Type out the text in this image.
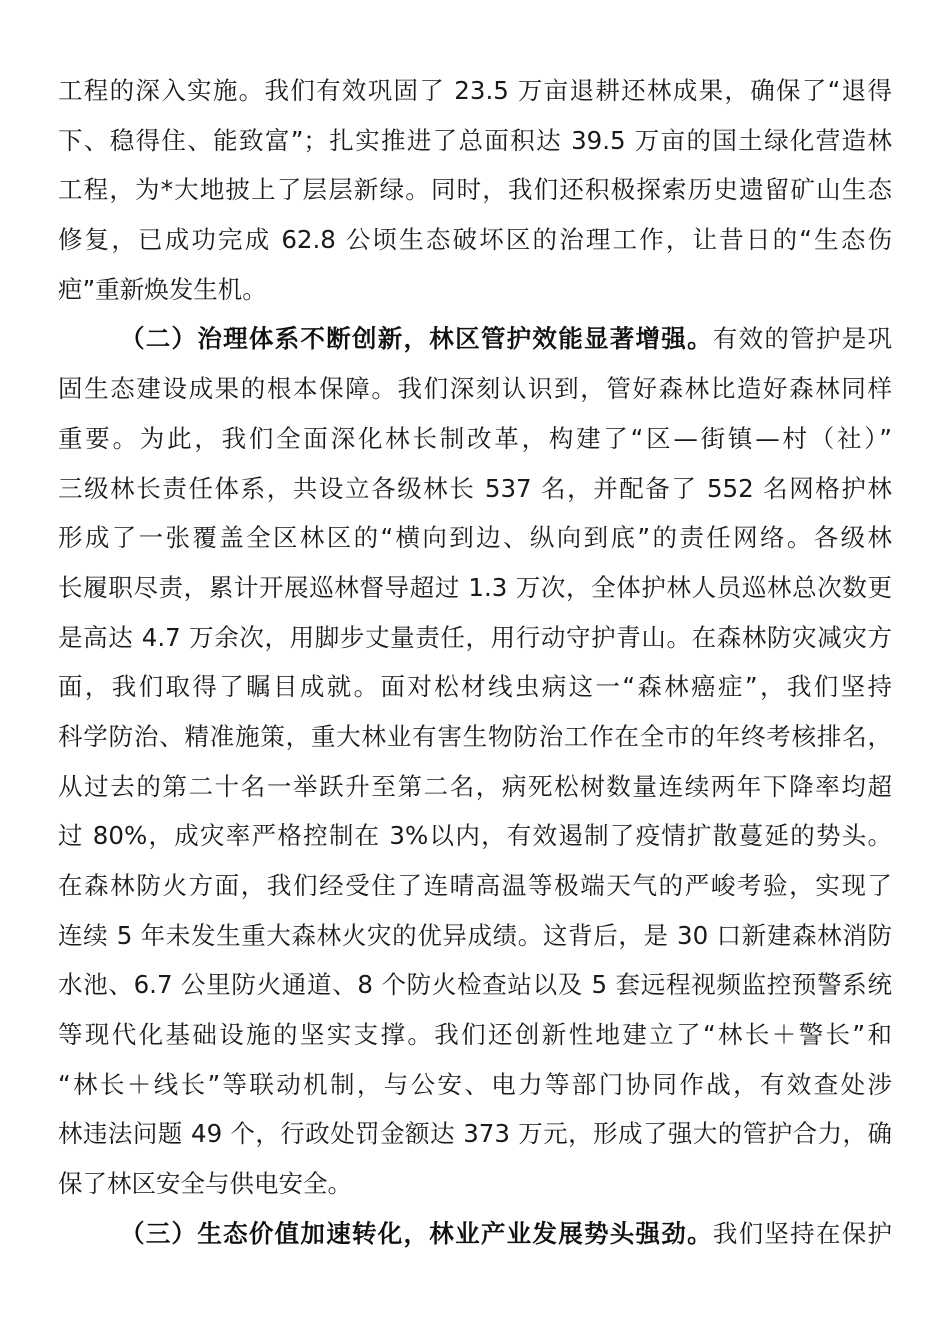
工程的深入实施。我们有效巩固了 23.5 万亩退耕还林成果，确保了“退得
下、稳得住、能致富”；扎实推进了总面积达 39.5 万亩的国土绿化营造林
工程，为*大地披上了层层新绿。同时，我们还积极探索历史遗留矿山生态
修复，已成功完成 62.8 公顷生态破坏区的治理工作，让昔日的“生态伤
疤”重新焕发生机。
（二）治理体系不断创新，林区管护效能显著增强。有效的管护是巩
固生态建设成果的根本保障。我们深刻认识到，管好森林比造好森林同样
重要。为此，我们全面深化林长制改革，构建了“区—街镇—村（社）”
三级林长责任体系，共设立各级林长 537 名，并配备了 552 名网格护林
形成了一张覆盖全区林区的“横向到边、纵向到底”的责任网络。各级林
长履职尽责，累计开展巡林督导超过 1.3 万次，全体护林人员巡林总次数更
是高达 4.7 万余次，用脚步丈量责任，用行动守护青山。在森林防灾减灾方
面，我们取得了瞩目成就。面对松材线虫病这一“森林癌症”，我们坚持
科学防治、精准施策，重大林业有害生物防治工作在全市的年终考核排名，
从过去的第二十名一举跃升至第二名，病死松树数量连续两年下降率均超
过 80%，成灾率严格控制在 3%以内，有效遏制了疫情扩散蔓延的势头。
在森林防火方面，我们经受住了连晴高温等极端天气的严峻考验，实现了
连续 5 年未发生重大森林火灾的优异成绩。这背后，是 30 口新建森林消防
水池、6.7 公里防火通道、8 个防火检查站以及 5 套远程视频监控预警系统
等现代化基础设施的坚实支撑。我们还创新性地建立了“林长＋警长”和
“林长＋线长”等联动机制，与公安、电力等部门协同作战，有效查处涉
林违法问题 49 个，行政处罚金额达 373 万元，形成了强大的管护合力，确
保了林区安全与供电安全。
（三）生态价值加速转化，林业产业发展势头强劲。我们坚持在保护
